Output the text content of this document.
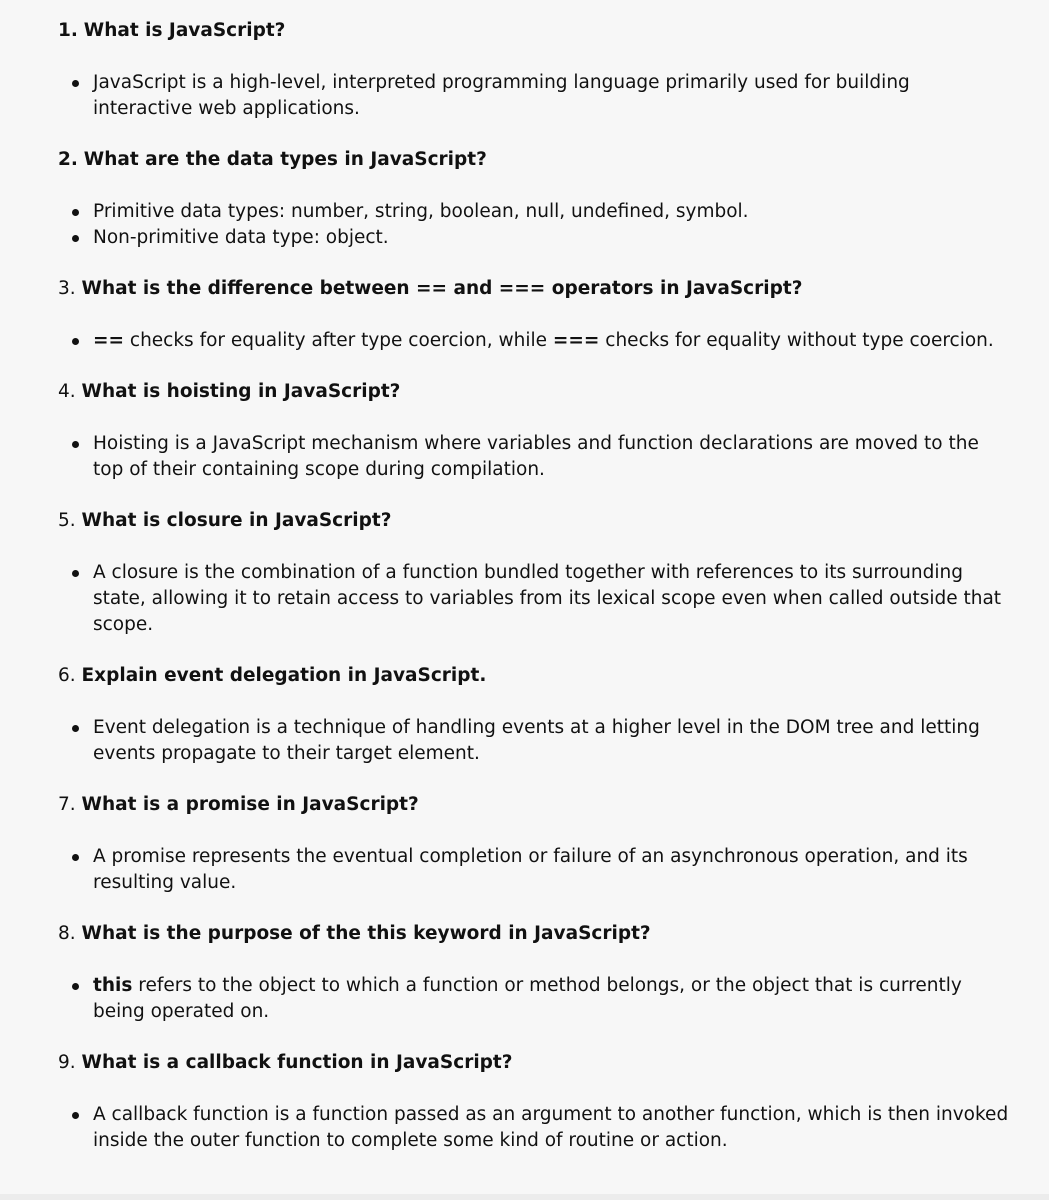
1. What is JavaScript?

JavaScript is a high-level, interpreted programming language primarily used for building interactive web applications.

2. What are the data types in JavaScript?

Primitive data types: number, string, boolean, null, undefined, symbol.
Non-primitive data type: object.

3. What is the difference between == and === operators in JavaScript?

== checks for equality after type coercion, while === checks for equality without type coercion.

4. What is hoisting in JavaScript?

Hoisting is a JavaScript mechanism where variables and function declarations are moved to the top of their containing scope during compilation.

5. What is closure in JavaScript?

A closure is the combination of a function bundled together with references to its surrounding state, allowing it to retain access to variables from its lexical scope even when called outside that scope.

6. Explain event delegation in JavaScript.

Event delegation is a technique of handling events at a higher level in the DOM tree and letting events propagate to their target element.

7. What is a promise in JavaScript?

A promise represents the eventual completion or failure of an asynchronous operation, and its resulting value.

8. What is the purpose of the this keyword in JavaScript?

this refers to the object to which a function or method belongs, or the object that is currently being operated on.

9. What is a callback function in JavaScript?

A callback function is a function passed as an argument to another function, which is then invoked inside the outer function to complete some kind of routine or action.
